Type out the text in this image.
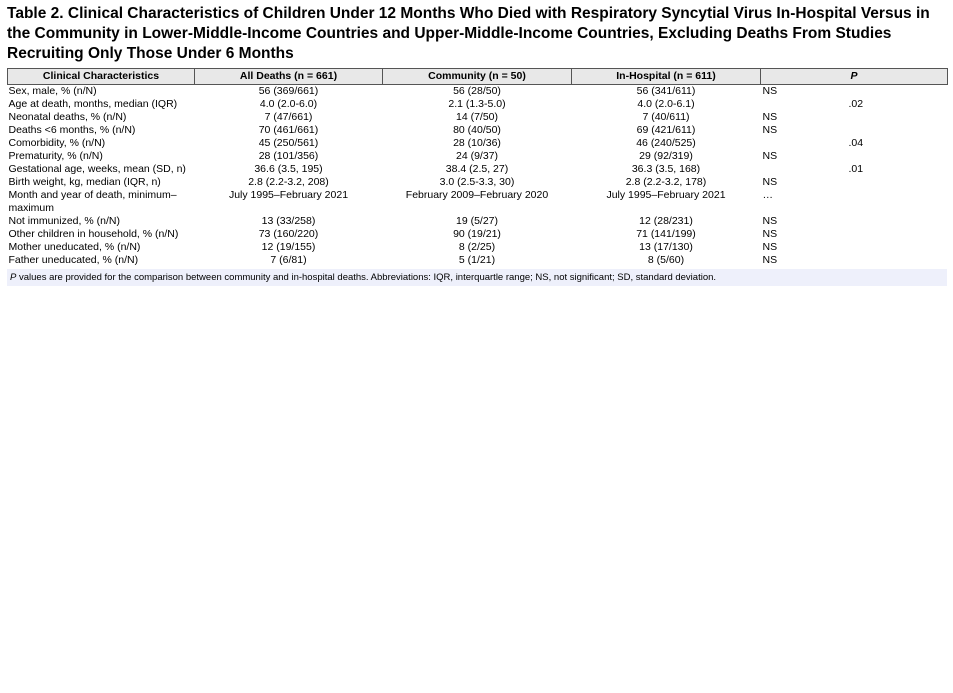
Table 2. Clinical Characteristics of Children Under 12 Months Who Died with Respiratory Syncytial Virus In-Hospital Versus in the Community in Lower-Middle-Income Countries and Upper-Middle-Income Countries, Excluding Deaths From Studies Recruiting Only Those Under 6 Months
Clinical Characteristics	All Deaths (n = 661)	Community (n = 50)	In-Hospital (n = 611)	P
Sex, male, % (n/N)	56 (369/661)	56 (28/50)	56 (341/611)	NS
Age at death, months, median (IQR)	4.0 (2.0-6.0)	2.1 (1.3-5.0)	4.0 (2.0-6.1)	.02
Neonatal deaths, % (n/N)	7 (47/661)	14 (7/50)	7 (40/611)	NS
Deaths <6 months, % (n/N)	70 (461/661)	80 (40/50)	69 (421/611)	NS
Comorbidity, % (n/N)	45 (250/561)	28 (10/36)	46 (240/525)	.04
Prematurity, % (n/N)	28 (101/356)	24 (9/37)	29 (92/319)	NS
Gestational age, weeks, mean (SD, n)	36.6 (3.5, 195)	38.4 (2.5, 27)	36.3 (3.5, 168)	.01
Birth weight, kg, median (IQR, n)	2.8 (2.2-3.2, 208)	3.0 (2.5-3.3, 30)	2.8 (2.2-3.2, 178)	NS
Month and year of death, minimum–maximum	July 1995–February 2021	February 2009–February 2020	July 1995–February 2021	…
Not immunized, % (n/N)	13 (33/258)	19 (5/27)	12 (28/231)	NS
Other children in household, % (n/N)	73 (160/220)	90 (19/21)	71 (141/199)	NS
Mother uneducated, % (n/N)	12 (19/155)	8 (2/25)	13 (17/130)	NS
Father uneducated, % (n/N)	7 (6/81)	5 (1/21)	8 (5/60)	NS
P values are provided for the comparison between community and in-hospital deaths. Abbreviations: IQR, interquartle range; NS, not significant; SD, standard deviation.
